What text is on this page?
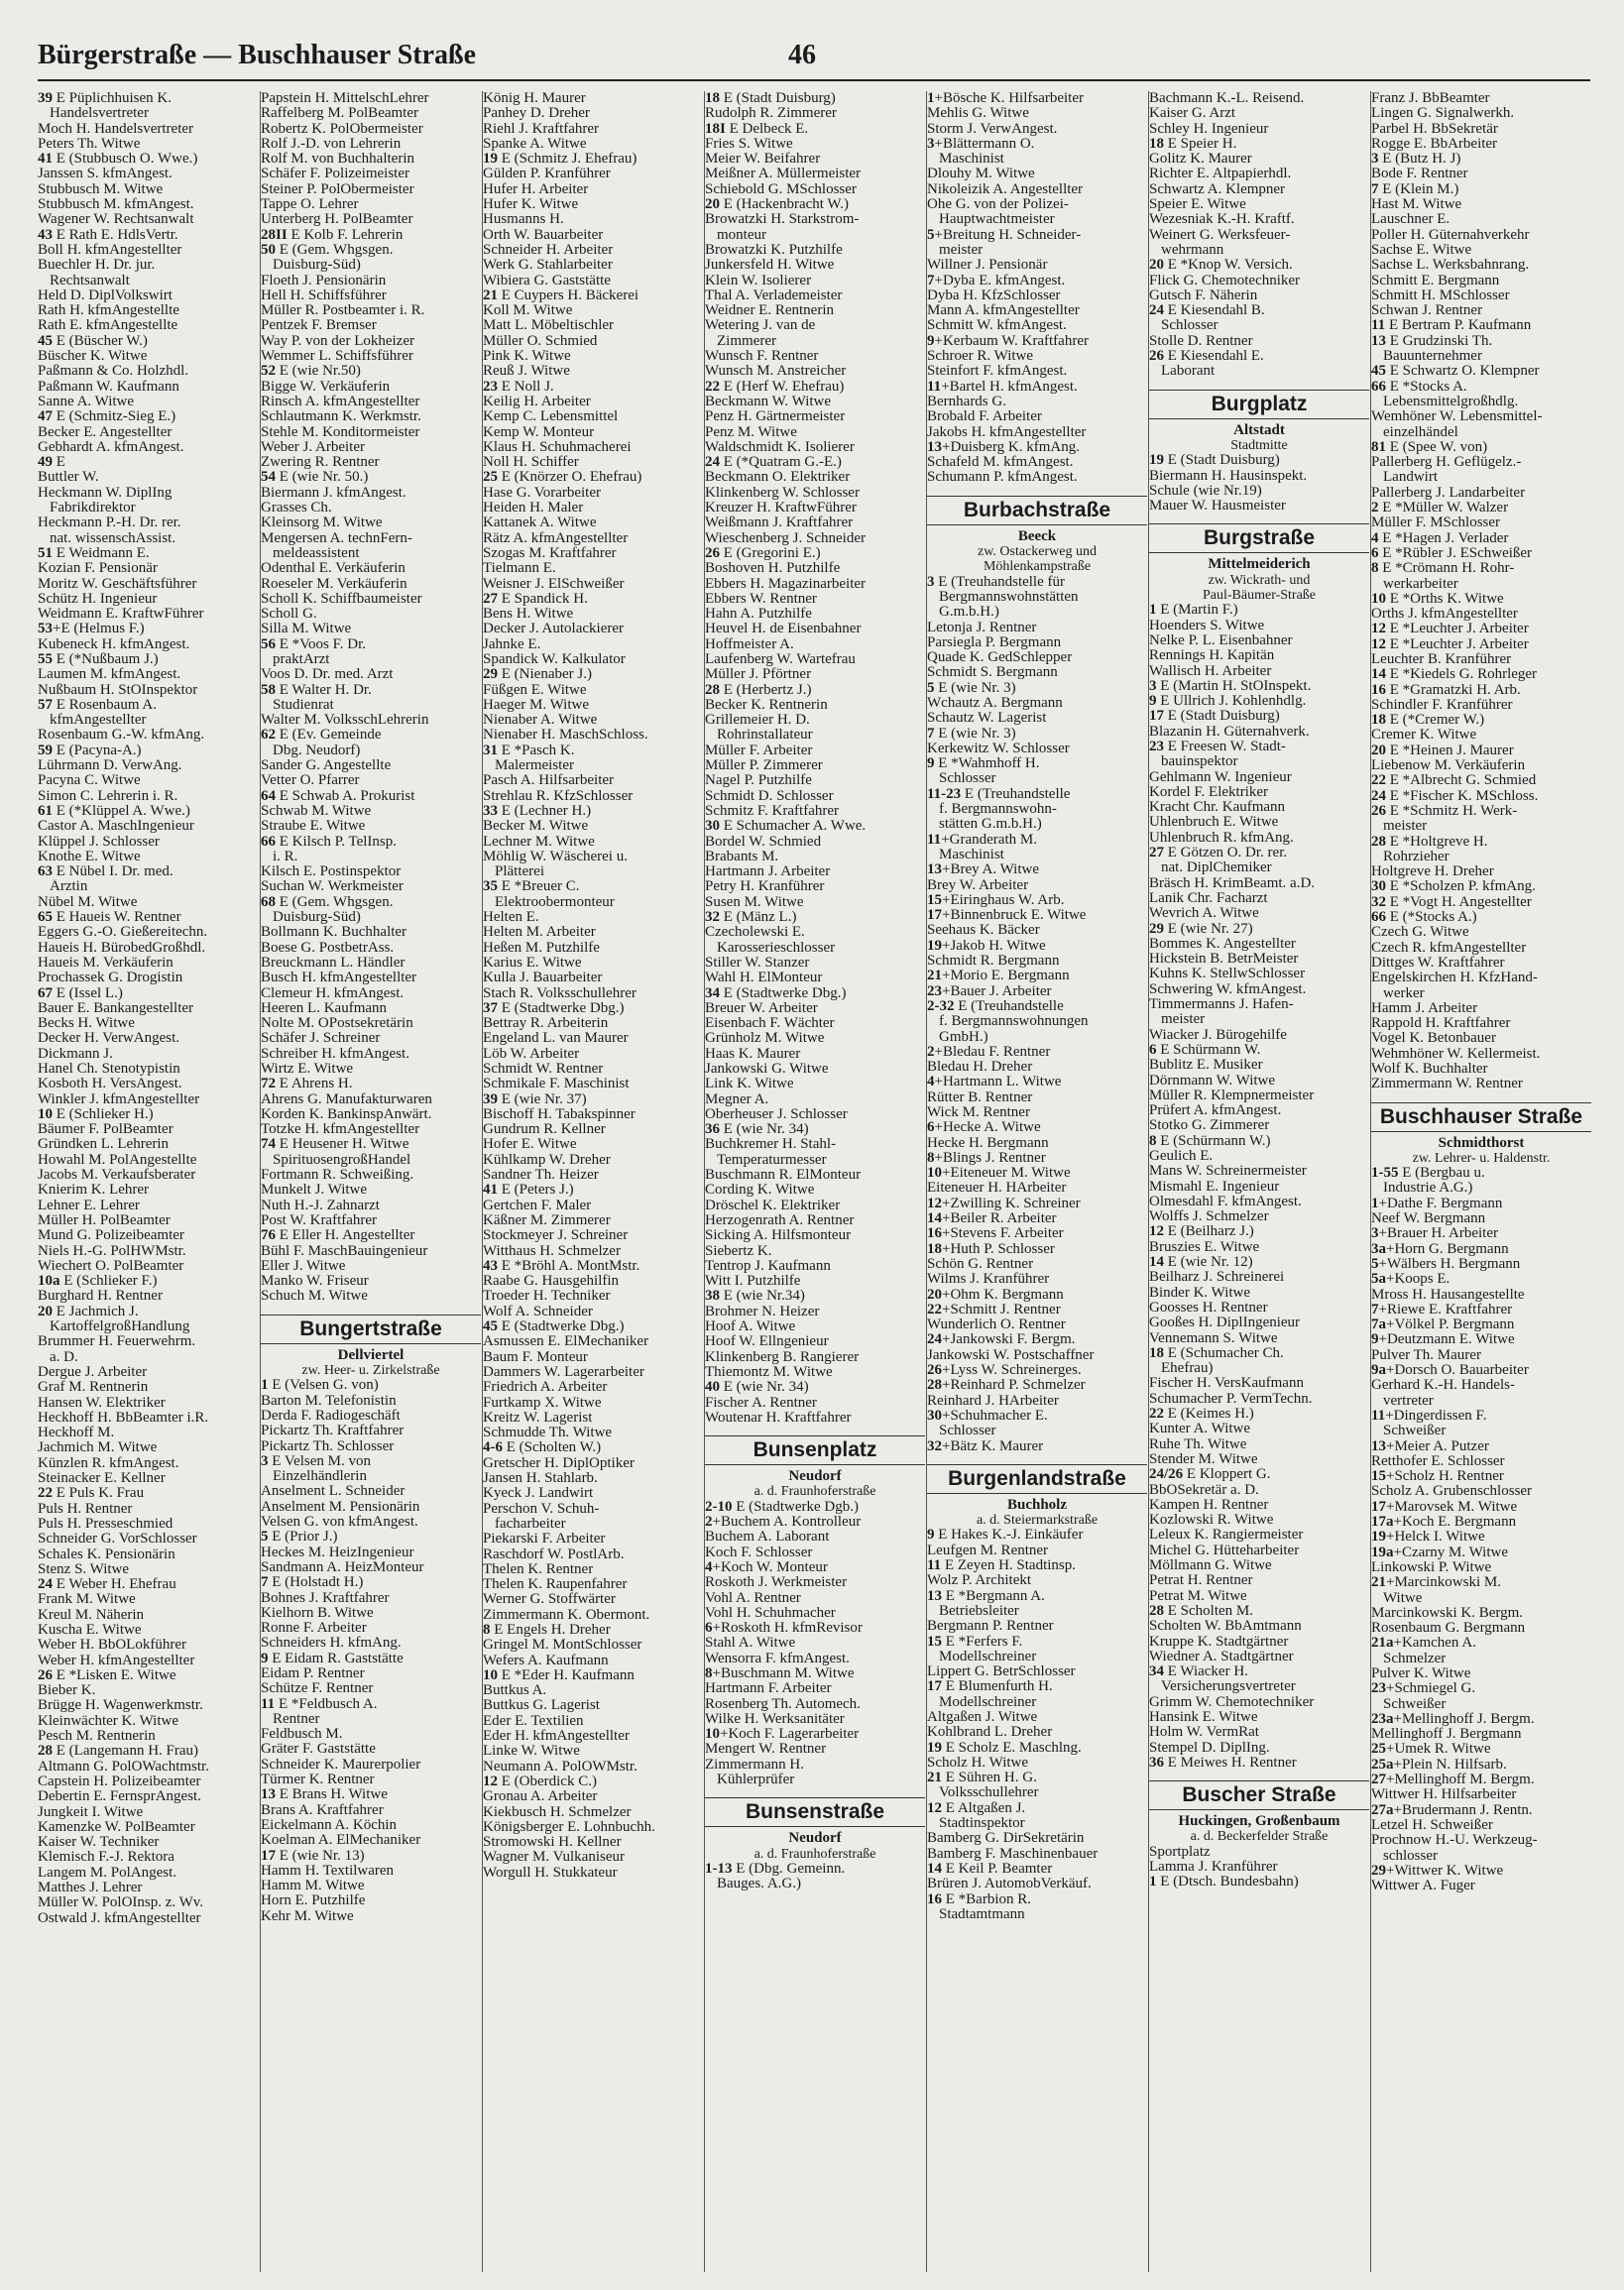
Bürgerstraße — Buschhauser Straße	46
39 E Püplichhuisen K.
Handelsvertreter
Moch H. Handelsvertreter
Peters Th. Witwe
41 E (Stubbusch O. Wwe.)
Janssen S. kfmAngest.
Stubbusch M. Witwe
Stubbusch M. kfmAngest.
Wagener W. Rechtsanwalt
43 E Rath E. HdlsVertr.
Boll H. kfmAngestellter
Buechler H. Dr. jur.
Rechtsanwalt
Held D. DiplVolkswirt
Rath H. kfmAngestellte
Rath E. kfmAngestellte
45 E (Büscher W.)
Büscher K. Witwe
Paßmann & Co. Holzhdl.
Paßmann W. Kaufmann
Sanne A. Witwe
47 E (Schmitz-Sieg E.)
Becker E. Angestellter
Gebhardt A. kfmAngest.
49 E
Buttler W.
Heckmann W. DiplIng
Fabrikdirektor
Heckmann P.-H. Dr. rer.
nat. wissenschAssist.
51 E Weidmann E.
Kozian F. Pensionär
Moritz W. Geschäftsführer
Schütz H. Ingenieur
Weidmann E. KraftwFührer
53+E (Helmus F.)
Kubeneck H. kfmAngest.
55 E (*Nußbaum J.)
Laumen M. kfmAngest.
Nußbaum H. StOInspektor
57 E Rosenbaum A.
kfmAngestellter
Rosenbaum G.-W. kfmAng.
59 E (Pacyna-A.)
Lührmann D. VerwAng.
Pacyna C. Witwe
Simon C. Lehrerin i. R.
61 E (*Klüppel A. Wwe.)
Castor A. MaschIngenieur
Klüppel J. Schlosser
Knothe E. Witwe
63 E Nübel I. Dr. med.
Ärztin
Nübel M. Witwe
65 E Haueis W. Rentner
Eggers G.-O. Gießereitechn.
Haueis H. BürobedGroßhdl.
Haueis M. Verkäuferin
Prochassek G. Drogistin
67 E (Issel L.)
Bauer E. Bankangestellter
Becks H. Witwe
Decker H. VerwAngest.
Dickmann J.
Hanel Ch. Stenotypistin
Kosboth H. VersAngest.
Winkler J. kfmAngestellter
10 E (Schlieker H.)
Bäumer F. PolBeamter
Gründken L. Lehrerin
Howahl M. PolAngestellte
Jacobs M. Verkaufsberater
Knierim K. Lehrer
Lehner E. Lehrer
Müller H. PolBeamter
Mund G. Polizeibeamter
Niels H.-G. PolHWMstr.
Wiechert O. PolBeamter
10a E (Schlieker F.)
Burghard H. Rentner
20 E Jachmich J.
KartoffelgroßHandlung
Brummer H. Feuerwehrm.
a. D.
Dergue J. Arbeiter
Graf M. Rentnerin
Hansen W. Elektriker
Heckhoff H. BbBeamter i.R.
Heckhoff M.
Jachmich M. Witwe
Künzlen R. kfmAngest.
Steinacker E. Kellner
22 E Puls K. Frau
Puls H. Rentner
Puls H. Presseschmied
Schneider G. VorSchlosser
Schales K. Pensionärin
Stenz S. Witwe
24 E Weber H. Ehefrau
Frank M. Witwe
Kreul M. Näherin
Kuscha E. Witwe
Weber H. BbOLokführer
Weber H. kfmAngestellter
26 E *Lisken E. Witwe
Bieber K.
Brügge H. Wagenwerkmstr.
Kleinwächter K. Witwe
Pesch M. Rentnerin
28 E (Langemann H. Frau)
Altmann G. PolOWachtmstr.
Capstein H. Polizeibeamter
Debertin E. FernsprAngest.
Jungkeit I. Witwe
Kamenzke W. PolBeamter
Kaiser W. Techniker
Klemisch F.-J. Rektora
Langem M. PolAngest.
Matthes J. Lehrer
Müller W. PolOInsp. z. Wv.
Ostwald J. kfmAngestellter
Papstein H. MittelschLehrer
Raffelberg M. PolBeamter
Robertz K. PolObermeister
Rolf J.-D. von Lehrerin
Rolf M. von Buchhalterin
Schäfer F. Polizeimeister
Steiner P. PolObermeister
Tappe O. Lehrer
Unterberg H. PolBeamter
28II E Kolb F. Lehrerin
50 E (Gem. Whgsgen.
Duisburg-Süd)
Floeth J. Pensionärin
Hell H. Schiffsführer
Müller R. Postbeamter i. R.
Pentzek F. Bremser
Way P. von der Lokheizer
Wemmer L. Schiffsführer
52 E (wie Nr.50)
Bigge W. Verkäuferin
Rinsch A. kfmAngestellter
Schlautmann K. Werkmstr.
Stehle M. Konditormeister
Weber J. Arbeiter
Zwering R. Rentner
54 E (wie Nr. 50.)
Biermann J. kfmAngest.
Grasses Ch.
Kleinsorg M. Witwe
Mengersen A. technFern-
meldeassistent
Odenthal E. Verkäuferin
Roeseler M. Verkäuferin
Scholl K. Schiffbaumeister
Scholl G.
Silla M. Witwe
56 E *Voos F. Dr.
praktArzt
Voos D. Dr. med. Arzt
58 E Walter H. Dr.
Studienrat
Walter M. VolksschLehrerin
62 E (Ev. Gemeinde
Dbg. Neudorf)
Sander G. Angestellte
Vetter O. Pfarrer
64 E Schwab A. Prokurist
Schwab M. Witwe
Straube E. Witwe
66 E Kilsch P. TelInsp.
i. R.
Kilsch E. Postinspektor
Suchan W. Werkmeister
68 E (Gem. Whgsgen.
Duisburg-Süd)
Bollmann K. Buchhalter
Boese G. PostbetrAss.
Breuckmann L. Händler
Busch H. kfmAngestellter
Clemeur H. kfmAngest.
Heeren L. Kaufmann
Nolte M. OPostsekretärin
Schäfer J. Schreiner
Schreiber H. kfmAngest.
Wirtz E. Witwe
72 E Ahrens H.
Ahrens G. Manufakturwaren
Korden K. BankinspAnwärt.
Totzke H. kfmAngestellter
74 E Heusener H. Witwe
SpirituosengroßHandel
Fortmann R. Schweißing.
Munkelt J. Witwe
Nuth H.-J. Zahnarzt
Post W. Kraftfahrer
76 E Eller H. Angestellter
Bühl F. MaschBauingenieur
Eller J. Witwe
Manko W. Friseur
Schuch M. Witwe
Bungertstraße
Dellviertel
zw. Heer- u. Zirkelstraße
1 E (Velsen G. von)
Barton M. Telefonistin
Derda F. Radiogeschäft
Pickartz Th. Kraftfahrer
Pickartz Th. Schlosser
3 E Velsen M. von
Einzelhändlerin
Anselment L. Schneider
Anselment M. Pensionärin
Velsen G. von kfmAngest.
5 E (Prior J.)
Heckes M. HeizIngenieur
Sandmann A. HeizMonteur
7 E (Holstadt H.)
Bohnes J. Kraftfahrer
Kielhorn B. Witwe
Ronne F. Arbeiter
Schneiders H. kfmAng.
9 E Eidam R. Gaststätte
Eidam P. Rentner
Schütze F. Rentner
11 E *Feldbusch A.
Rentner
Feldbusch M.
Gräter F. Gaststätte
Schneider K. Maurerpolier
Türmer K. Rentner
13 E Brans H. Witwe
Brans A. Kraftfahrer
Eickelmann A. Köchin
Koelman A. ElMechaniker
17 E (wie Nr. 13)
Hamm H. Textilwaren
Hamm M. Witwe
Horn E. Putzhilfe
Kehr M. Witwe
König H. Maurer
Panhey D. Dreher
Riehl J. Kraftfahrer
Spanke A. Witwe
19 E (Schmitz J. Ehefrau)
Gülden P. Kranführer
Hufer H. Arbeiter
Hufer K. Witwe
Husmanns H.
Orth W. Bauarbeiter
Schneider H. Arbeiter
Werk G. Stahlarbeiter
Wibiera G. Gaststätte
21 E Cuypers H. Bäckerei
Koll M. Witwe
Matt L. Möbeltischler
Müller O. Schmied
Pink K. Witwe
Reuß J. Witwe
23 E Noll J.
Keilig H. Arbeiter
Kemp C. Lebensmittel
Kemp W. Monteur
Klaus H. Schuhmacherei
Noll H. Schiffer
25 E (Knörzer O. Ehefrau)
Hase G. Vorarbeiter
Heiden H. Maler
Kattanek A. Witwe
Rätz A. kfmAngestellter
Szogas M. Kraftfahrer
Tielmann E.
Weisner J. ElSchweißer
27 E Spandick H.
Bens H. Witwe
Decker J. Autolackierer
Jahnke E.
Spandick W. Kalkulator
29 E (Nienaber J.)
Füßgen E. Witwe
Haeger M. Witwe
Nienaber A. Witwe
Nienaber H. MaschSchloss.
31 E *Pasch K.
Malermeister
Pasch A. Hilfsarbeiter
Strehlau R. KfzSchlosser
33 E (Lechner H.)
Becker M. Witwe
Lechner M. Witwe
Möhlig W. Wäscherei u.
Plätterei
35 E *Breuer C.
Elektroobermonteur
Helten E.
Helten M. Arbeiter
Heßen M. Putzhilfe
Karius E. Witwe
Kulla J. Bauarbeiter
Stach R. Volksschullehrer
37 E (Stadtwerke Dbg.)
Bettray R. Arbeiterin
Engeland L. van Maurer
Löb W. Arbeiter
Schmidt W. Rentner
Schmikale F. Maschinist
39 E (wie Nr. 37)
Bischoff H. Tabakspinner
Gundrum R. Kellner
Hofer E. Witwe
Kühlkamp W. Dreher
Sandner Th. Heizer
41 E (Peters J.)
Gertchen F. Maler
Käßner M. Zimmerer
Stockmeyer J. Schreiner
Witthaus H. Schmelzer
43 E *Bröhl A. MontMstr.
Raabe G. Hausgehilfin
Troeder H. Techniker
Wolf A. Schneider
45 E (Stadtwerke Dbg.)
Asmussen E. ElMechaniker
Baum F. Monteur
Dammers W. Lagerarbeiter
Friedrich A. Arbeiter
Furtkamp X. Witwe
Kreitz W. Lagerist
Schmudde Th. Witwe
4-6 E (Scholten W.)
Gretscher H. DiplOptiker
Jansen H. Stahlarb.
Kyeck J. Landwirt
Perschon V. Schuh-
facharbeiter
Piekarski F. Arbeiter
Raschdorf W. PostlArb.
Thelen K. Rentner
Thelen K. Raupenfahrer
Werner G. Stoffwärter
Zimmermann K. Obermont.
8 E Engels H. Dreher
Gringel M. MontSchlosser
Wefers A. Kaufmann
10 E *Eder H. Kaufmann
Buttkus A.
Buttkus G. Lagerist
Eder E. Textilien
Eder H. kfmAngestellter
Linke W. Witwe
Neumann A. PolOWMstr.
12 E (Oberdick C.)
Gronau A. Arbeiter
Kiekbusch H. Schmelzer
Königsberger E. Lohnbuchh.
Stromowski H. Kellner
Wagner M. Vulkaniseur
Worgull H. Stukkateur
18 E (Stadt Duisburg)
Rudolph R. Zimmerer
18I E Delbeck E.
Fries S. Witwe
Meier W. Beifahrer
Meißner A. Müllermeister
Schiebold G. MSchlosser
20 E (Hackenbracht W.)
Browatzki H. Starkstrom-
monteur
Browatzki K. Putzhilfe
Junkersfeld H. Witwe
Klein W. Isolierer
Thal A. Verlademeister
Weidner E. Rentnerin
Wetering J. van de
Zimmerer
Wunsch F. Rentner
Wunsch M. Anstreicher
22 E (Herf W. Ehefrau)
Beckmann W. Witwe
Penz H. Gärtnermeister
Penz M. Witwe
Waldschmidt K. Isolierer
24 E (*Quatram G.-E.)
Beckmann O. Elektriker
Klinkenberg W. Schlosser
Kreuzer H. KraftwFührer
Weißmann J. Kraftfahrer
Wieschenberg J. Schneider
26 E (Gregorini E.)
Boshoven H. Putzhilfe
Ebbers H. Magazinarbeiter
Ebbers W. Rentner
Hahn A. Putzhilfe
Heuvel H. de Eisenbahner
Hoffmeister A.
Laufenberg W. Wartefrau
Müller J. Pförtner
28 E (Herbertz J.)
Becker K. Rentnerin
Grillemeier H. D.
Rohrinstallateur
Müller F. Arbeiter
Müller P. Zimmerer
Nagel P. Putzhilfe
Schmidt D. Schlosser
Schmitz F. Kraftfahrer
30 E Schumacher A. Wwe.
Bordel W. Schmied
Brabants M.
Hartmann J. Arbeiter
Petry H. Kranführer
Susen M. Witwe
32 E (Mänz L.)
Czecholewski E.
Karosserieschlosser
Stiller W. Stanzer
Wahl H. ElMonteur
34 E (Stadtwerke Dbg.)
Breuer W. Arbeiter
Eisenbach F. Wächter
Grünholz M. Witwe
Haas K. Maurer
Jankowski G. Witwe
Link K. Witwe
Megner A.
Oberheuser J. Schlosser
36 E (wie Nr. 34)
Buchkremer H. Stahl-
Temperaturmesser
Buschmann R. ElMonteur
Cording K. Witwe
Dröschel K. Elektriker
Herzogenrath A. Rentner
Sicking A. Hilfsmonteur
Siebertz K.
Tentrop J. Kaufmann
Witt I. Putzhilfe
38 E (wie Nr.34)
Brohmer N. Heizer
Hoof A. Witwe
Hoof W. Ellngenieur
Klinkenberg B. Rangierer
Thiemontz M. Witwe
40 E (wie Nr. 34)
Fischer A. Rentner
Woutenar H. Kraftfahrer
Bunsenplatz
Neudorf
a. d. Fraunhoferstraße
2-10 E (Stadtwerke Dgb.)
2+Buchem A. Kontrolleur
Buchem A. Laborant
Koch F. Schlosser
4+Koch W. Monteur
Roskoth J. Werkmeister
Vohl A. Rentner
Vohl H. Schuhmacher
6+Roskoth H. kfmRevisor
Stahl A. Witwe
Wensorra F. kfmAngest.
8+Buschmann M. Witwe
Hartmann F. Arbeiter
Rosenberg Th. Automech.
Wilke H. Werksanitäter
10+Koch F. Lagerarbeiter
Mengert W. Rentner
Zimmermann H.
Kühlerprüfer
Bunsenstraße
Neudorf
a. d. Fraunhoferstraße
1-13 E (Dbg. Gemeinn.
Bauges. A.G.)
1+Bösche K. Hilfsarbeiter
Mehlis G. Witwe
Storm J. VerwAngest.
3+Blättermann O.
Maschinist
Dlouhy M. Witwe
Nikoleizik A. Angestellter
Ohe G. von der Polizei-
Hauptwachtmeister
5+Breitung H. Schneider-
meister
Willner J. Pensionär
7+Dyba E. kfmAngest.
Dyba H. KfzSchlosser
Mann A. kfmAngestellter
Schmitt W. kfmAngest.
9+Kerbaum W. Kraftfahrer
Schroer R. Witwe
Steinfort F. kfmAngest.
11+Bartel H. kfmAngest.
Bernhards G.
Brobald F. Arbeiter
Jakobs H. kfmAngestellter
13+Duisberg K. kfmAng.
Schafeld M. kfmAngest.
Schumann P. kfmAngest.
Burbachstraße
Beeck
zw. Ostackerweg und
Möhlenkampstraße
3 E (Treuhandstelle für
Bergmannswohnstätten
G.m.b.H.)
Letonja J. Rentner
Parsiegla P. Bergmann
Quade K. GedSchlepper
Schmidt S. Bergmann
5 E (wie Nr. 3)
Wchautz A. Bergmann
Schautz W. Lagerist
7 E (wie Nr. 3)
Kerkewitz W. Schlosser
9 E *Wahmhoff H.
Schlosser
11-23 E (Treuhandstelle
f. Bergmannswohn-
stätten G.m.b.H.)
11+Granderath M.
Maschinist
13+Brey A. Witwe
Brey W. Arbeiter
15+Eiringhaus W. Arb.
17+Binnenbruck E. Witwe
Seehaus K. Bäcker
19+Jakob H. Witwe
Schmidt R. Bergmann
21+Morio E. Bergmann
23+Bauer J. Arbeiter
2-32 E (Treuhandstelle
f. Bergmannswohnungen
GmbH.)
2+Bledau F. Rentner
Bledau H. Dreher
4+Hartmann L. Witwe
Rütter B. Rentner
Wick M. Rentner
6+Hecke A. Witwe
Hecke H. Bergmann
8+Blings J. Rentner
10+Eiteneuer M. Witwe
Eiteneuer H. HArbeiter
12+Zwilling K. Schreiner
14+Beiler R. Arbeiter
16+Stevens F. Arbeiter
18+Huth P. Schlosser
Schön G. Rentner
Wilms J. Kranführer
20+Ohm K. Bergmann
22+Schmitt J. Rentner
Wunderlich O. Rentner
24+Jankowski F. Bergm.
Jankowski W. Postschaffner
26+Lyss W. Schreinerges.
28+Reinhard P. Schmelzer
Reinhard J. HArbeiter
30+Schuhmacher E.
Schlosser
32+Bätz K. Maurer
Burgenlandstraße
Buchholz
a. d. Steiermarkstraße
9 E Hakes K.-J. Einkäufer
Leufgen M. Rentner
11 E Zeyen H. Stadtinsp.
Wolz P. Architekt
13 E *Bergmann A.
Betriebsleiter
Bergmann P. Rentner
15 E *Ferfers F.
Modellschreiner
Lippert G. BetrSchlosser
17 E Blumenfurth H.
Modellschreiner
Altgaßen J. Witwe
Kohlbrand L. Dreher
19 E Scholz E. Maschlng.
Scholz H. Witwe
21 E Sühren H. G.
Volksschullehrer
12 E Altgaßen J.
Stadtinspektor
Bamberg G. DirSekretärin
Bamberg F. Maschinenbauer
14 E Keil P. Beamter
Brüren J. AutomobVerkäuf.
16 E *Barbion R.
Stadtamtmann
Bachmann K.-L. Reisend.
Kaiser G. Arzt
Schley H. Ingenieur
18 E Speier H.
Golitz K. Maurer
Richter E. Altpapierhdl.
Schwartz A. Klempner
Speier E. Witwe
Wezesniak K.-H. Kraftf.
Weinert G. Werksfeuer-
wehrmann
20 E *Knop W. Versich.
Flick G. Chemotechniker
Gutsch F. Näherin
24 E Kiesendahl B.
Schlosser
Stolle D. Rentner
26 E Kiesendahl E.
Laborant
Burgplatz
Altstadt
Stadtmitte
19 E (Stadt Duisburg)
Biermann H. Hausinspekt.
Schule (wie Nr.19)
Mauer W. Hausmeister
Burgstraße
Mittelmeiderich
zw. Wickrath- und
Paul-Bäumer-Straße
1 E (Martin F.)
Hoenders S. Witwe
Nelke P. L. Eisenbahner
Rennings H. Kapitän
Wallisch H. Arbeiter
3 E (Martin H. StOInspekt.
9 E Ullrich J. Kohlenhdlg.
17 E (Stadt Duisburg)
Blazanin H. Güternahverk.
23 E Freesen W. Stadt-
bauinspektor
Gehlmann W. Ingenieur
Kordel F. Elektriker
Kracht Chr. Kaufmann
Uhlenbruch E. Witwe
Uhlenbruch R. kfmAng.
27 E Götzen O. Dr. rer.
nat. DiplChemiker
Bräsch H. KrimBeamt. a.D.
Lanik Chr. Facharzt
Wevrich A. Witwe
29 E (wie Nr. 27)
Bommes K. Angestellter
Hickstein B. BetrMeister
Kuhns K. StellwSchlosser
Schwering W. kfmAngest.
Timmermanns J. Hafen-
meister
Wiacker J. Bürogehilfe
6 E Schürmann W.
Bublitz E. Musiker
Dörnmann W. Witwe
Müller R. Klempnermeister
Prüfert A. kfmAngest.
Stotko G. Zimmerer
8 E (Schürmann W.)
Geulich E.
Mans W. Schreinermeister
Mismahl E. Ingenieur
Olmesdahl F. kfmAngest.
Wolffs J. Schmelzer
12 E (Beilharz J.)
Bruszies E. Witwe
14 E (wie Nr. 12)
Beilharz J. Schreinerei
Binder K. Witwe
Goosses H. Rentner
Gooßes H. DiplIngenieur
Vennemann S. Witwe
18 E (Schumacher Ch.
Ehefrau)
Fischer H. VersKaufmann
Schumacher P. VermTechn.
22 E (Keimes H.)
Kunter A. Witwe
Ruhe Th. Witwe
Stender M. Witwe
24/26 E Kloppert G.
BbOSekretär a. D.
Kampen H. Rentner
Kozlowski R. Witwe
Leleux K. Rangiermeister
Michel G. Hütteharbeiter
Möllmann G. Witwe
Petrat H. Rentner
Petrat M. Witwe
28 E Scholten M.
Scholten W. BbAmtmann
Kruppe K. Stadtgärtner
Wiedner A. Stadtgärtner
34 E Wiacker H.
Versicherungsvertreter
Grimm W. Chemotechniker
Hansink E. Witwe
Holm W. VermRat
Stempel D. DiplIng.
36 E Meiwes H. Rentner
Buscher Straße
Huckingen, Großenbaum
a. d. Beckerfelder Straße
Sportplatz
Lamma J. Kranführer
1 E (Dtsch. Bundesbahn)
Franz J. BbBeamter
Lingen G. Signalwerkh.
Parbel H. BbSekretär
Rogge E. BbArbeiter
3 E (Butz H. J)
Bode F. Rentner
7 E (Klein M.)
Hast M. Witwe
Lauschner E.
Poller H. Güternahverkehr
Sachse E. Witwe
Sachse L. Werksbahnrang.
Schmitt E. Bergmann
Schmitt H. MSchlosser
Schwan J. Rentner
11 E Bertram P. Kaufmann
13 E Grudzinski Th.
Bauunternehmer
45 E Schwartz O. Klempner
66 E *Stocks A.
Lebensmittelgroßhdlg.
Wemhöner W. Lebensmittel-
einzelhändel
81 E (Spee W. von)
Pallerberg H. Geflügelz.-
Landwirt
Pallerberg J. Landarbeiter
2 E *Müller W. Walzer
Müller F. MSchlosser
4 E *Hagen J. Verlader
6 E *Rübler J. ESchweißer
8 E *Crömann H. Rohr-
werkarbeiter
10 E *Orths K. Witwe
Orths J. kfmAngestellter
12 E *Leuchter J. Arbeiter
12 E *Leuchter J. Arbeiter
Leuchter B. Kranführer
14 E *Kiedels G. Rohrleger
16 E *Gramatzki H. Arb.
Schindler F. Kranführer
18 E (*Cremer W.)
Cremer K. Witwe
20 E *Heinen J. Maurer
Liebenow M. Verkäuferin
22 E *Albrecht G. Schmied
24 E *Fischer K. MSchloss.
26 E *Schmitz H. Werk-
meister
28 E *Holtgreve H.
Rohrzieher
Holtgreve H. Dreher
30 E *Scholzen P. kfmAng.
32 E *Vogt H. Angestellter
66 E (*Stocks A.)
Czech G. Witwe
Czech R. kfmAngestellter
Dittges W. Kraftfahrer
Engelskirchen H. KfzHand-
werker
Hamm J. Arbeiter
Rappold H. Kraftfahrer
Vogel K. Betonbauer
Wehmhöner W. Kellermeist.
Wolf K. Buchhalter
Zimmermann W. Rentner
Buschhauser Straße
Schmidthorst
zw. Lehrer- u. Haldenstr.
1-55 E (Bergbau u.
Industrie A.G.)
1+Dathe F. Bergmann
Neef W. Bergmann
3+Brauer H. Arbeiter
3a+Horn G. Bergmann
5+Wälbers H. Bergmann
5a+Koops E.
Mross H. Hausangestellte
7+Riewe E. Kraftfahrer
7a+Völkel P. Bergmann
9+Deutzmann E. Witwe
Pulver Th. Maurer
9a+Dorsch O. Bauarbeiter
Gerhard K.-H. Handels-
vertreter
11+Dingerdissen F.
Schweißer
13+Meier A. Putzer
Retthofer E. Schlosser
15+Scholz H. Rentner
Scholz A. Grubenschlosser
17+Marovsek M. Witwe
17a+Koch E. Bergmann
19+Helck I. Witwe
19a+Czarny M. Witwe
Linkowski P. Witwe
21+Marcinkowski M.
Witwe
Marcinkowski K. Bergm.
Rosenbaum G. Bergmann
21a+Kamchen A.
Schmelzer
Pulver K. Witwe
23+Schmiegel G.
Schweißer
23a+Mellinghoff J. Bergm.
Mellinghoff J. Bergmann
25+Umek R. Witwe
25a+Plein N. Hilfsarb.
27+Mellinghoff M. Bergm.
Wittwer H. Hilfsarbeiter
27a+Brudermann J. Rentn.
Letzel H. Schweißer
Prochnow H.-U. Werkzeug-
schlosser
29+Wittwer K. Witwe
Wittwer A. Fuger
